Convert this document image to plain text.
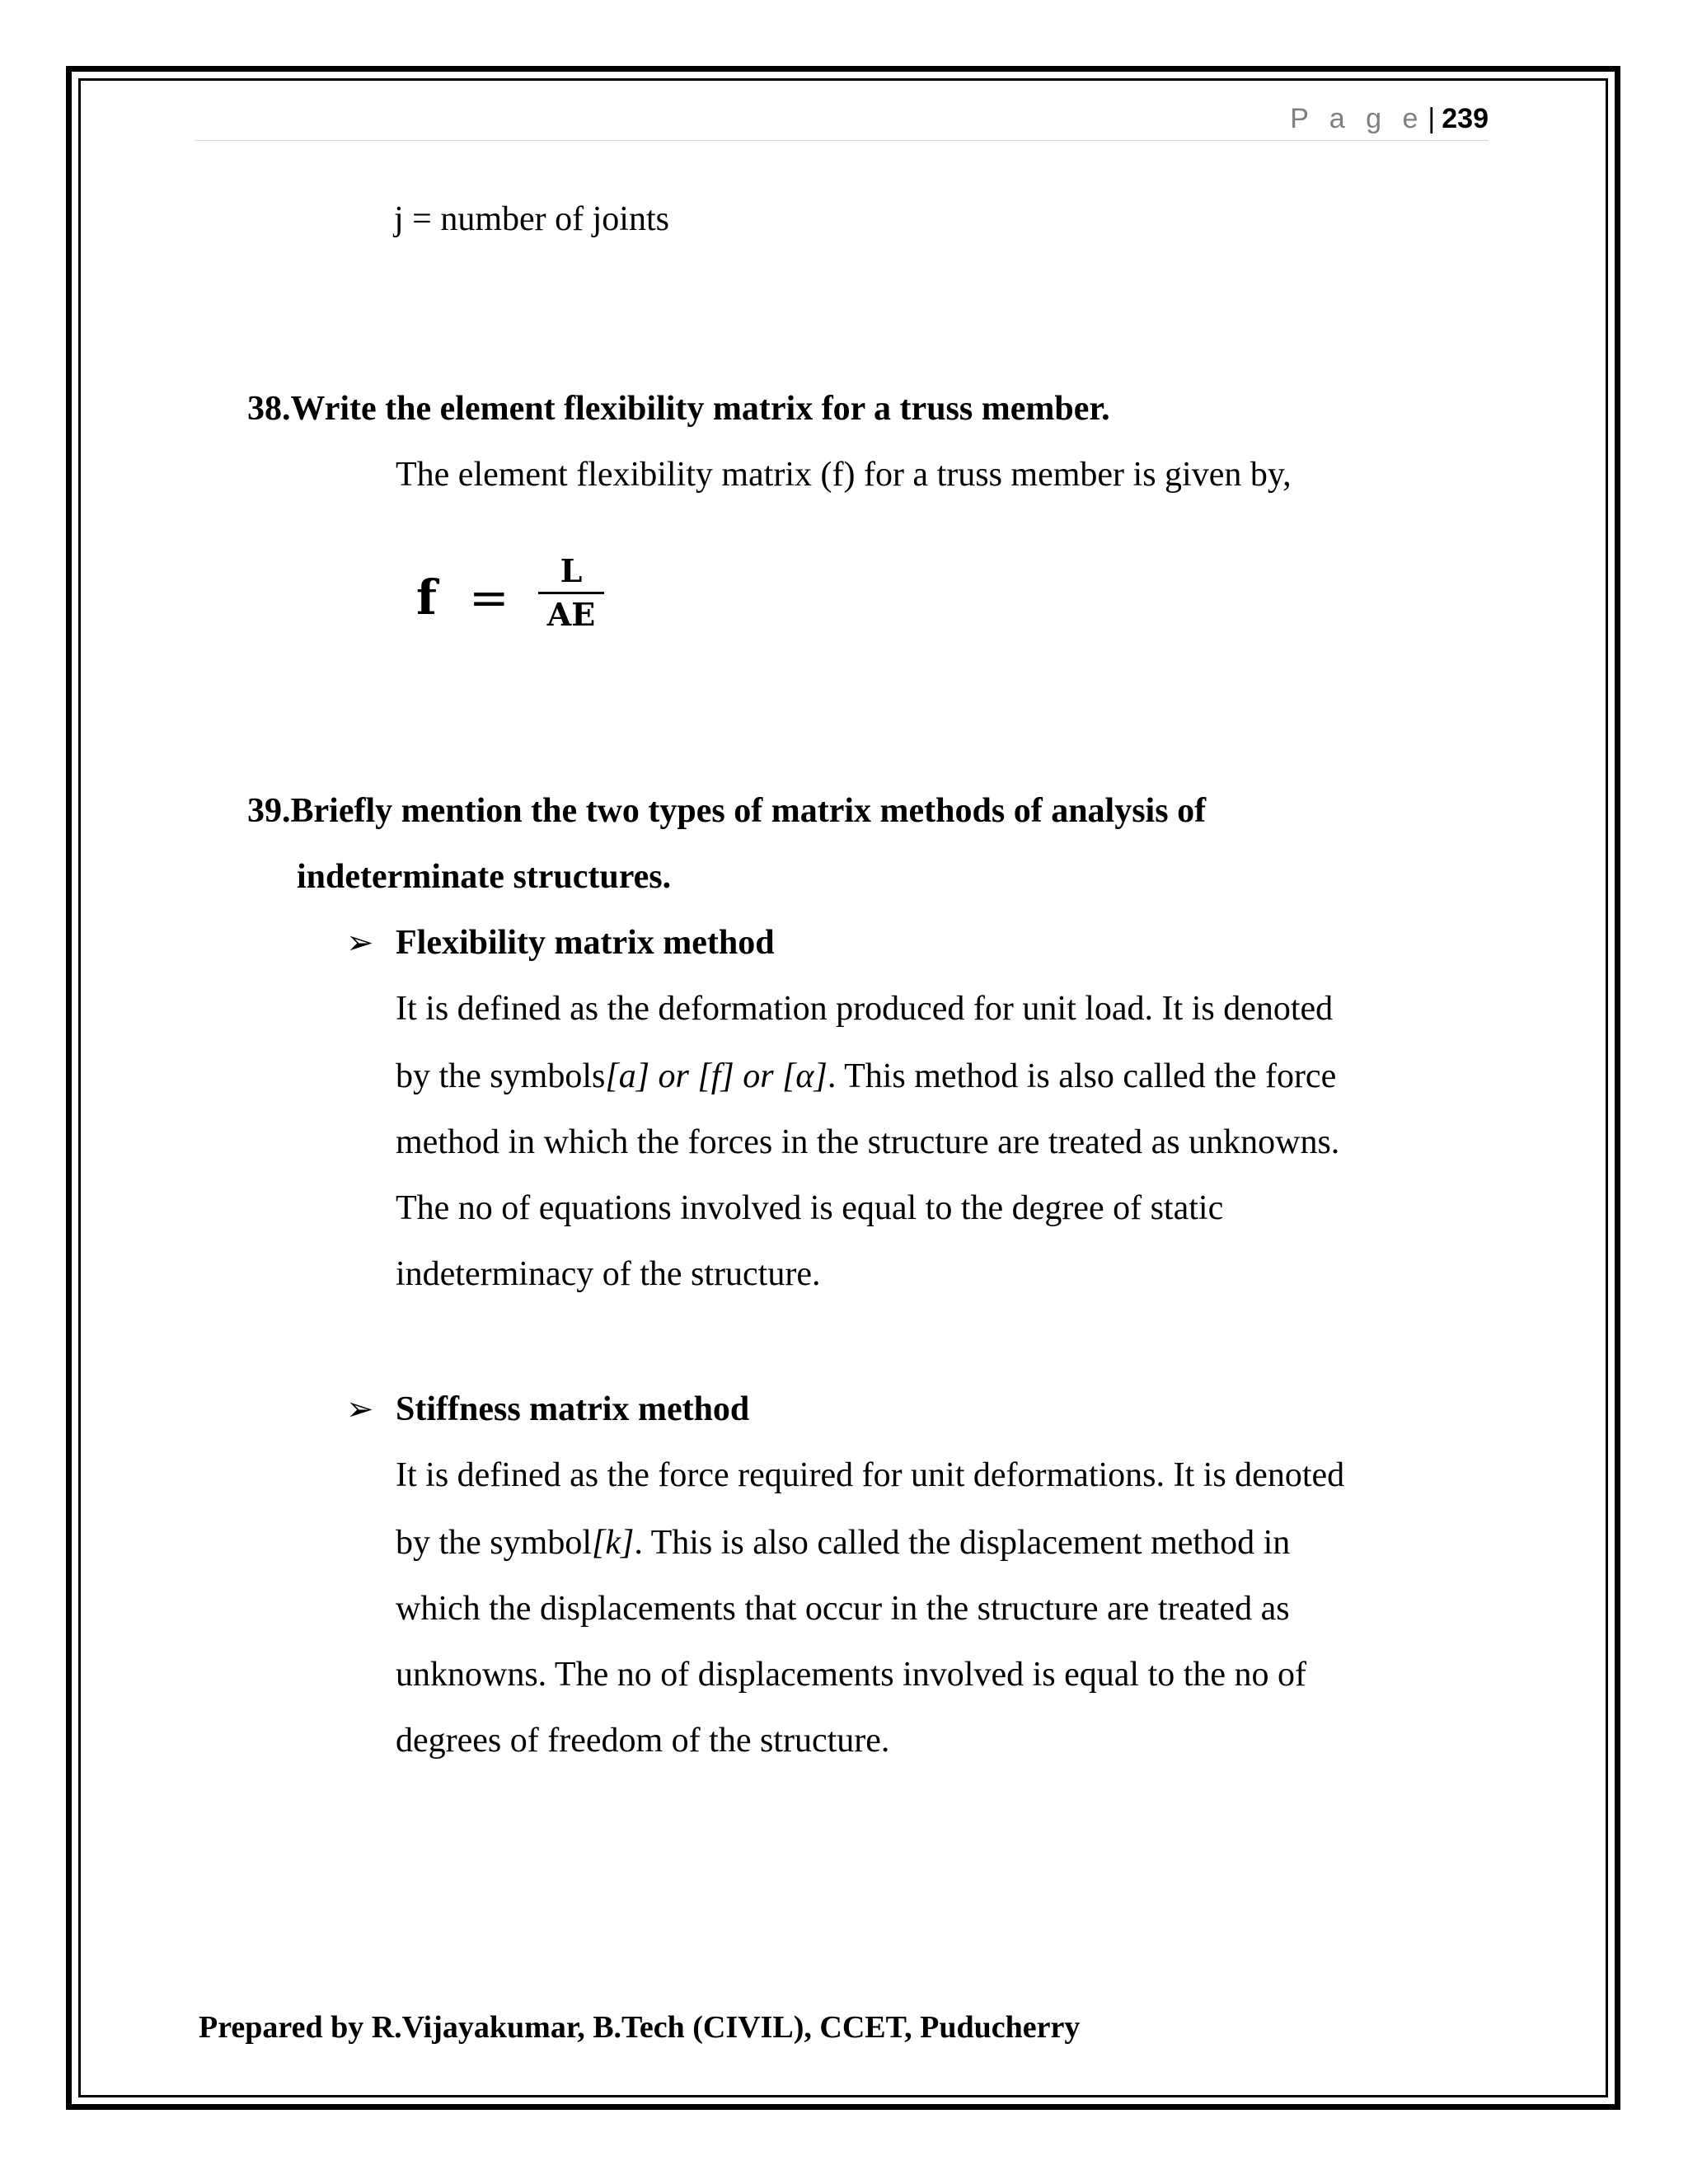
P a g e | 239
j = number of joints
38.Write the element flexibility matrix for a truss member.
The element flexibility matrix (f) for a truss member is given by,
f =	L
AE
39.Briefly mention the two types of matrix methods of analysis of
indeterminate structures.
➢ Flexibility matrix method
It is defined as the deformation produced for unit load. It is denoted
by the symbols[a] or [f] or [α]. This method is also called the force
method in which the forces in the structure are treated as unknowns.
The no of equations involved is equal to the degree of static
indeterminacy of the structure.
➢ Stiffness matrix method
It is defined as the force required for unit deformations. It is denoted
by the symbol[k]. This is also called the displacement method in
which the displacements that occur in the structure are treated as
unknowns. The no of displacements involved is equal to the no of
degrees of freedom of the structure.
Prepared by R.Vijayakumar, B.Tech (CIVIL), CCET, Puducherry
